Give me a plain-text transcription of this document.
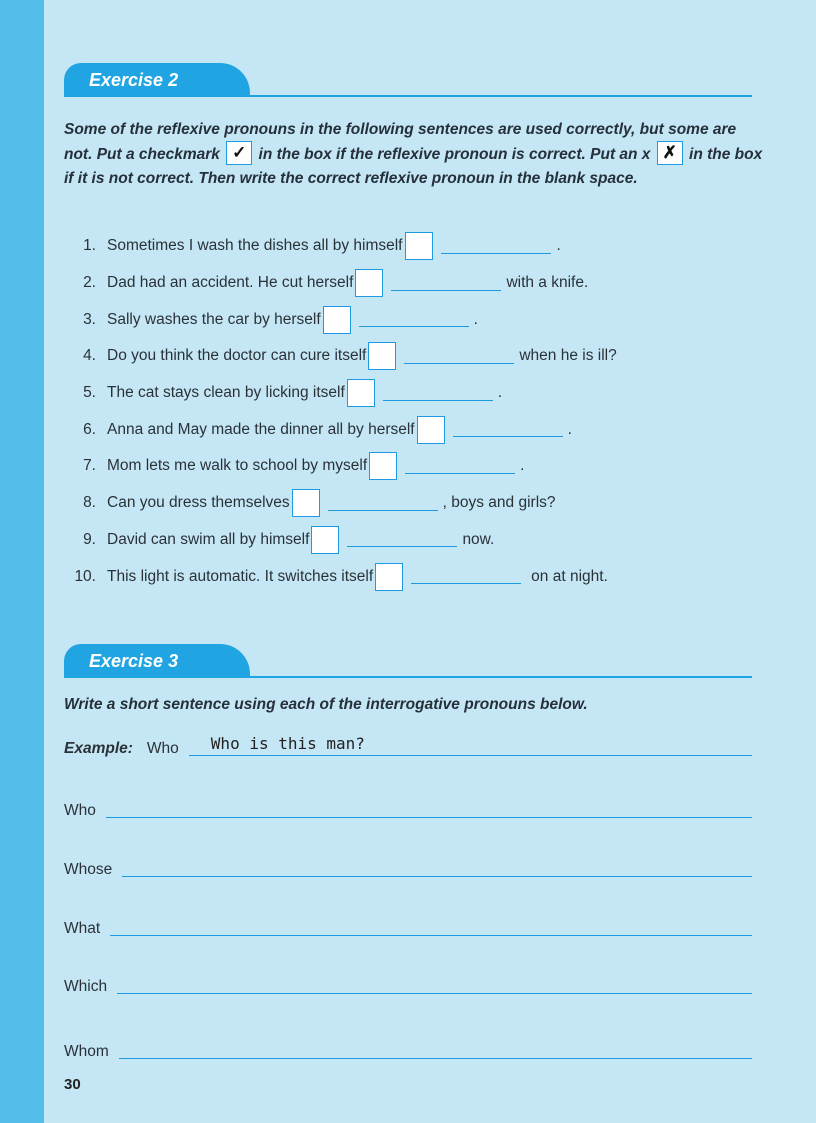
Exercise 2

Some of the reflexive pronouns in the following sentences are used correctly, but some are not. Put a checkmark ✓ in the box if the reflexive pronoun is correct. Put an x ✗ in the box if it is not correct. Then write the correct reflexive pronoun in the blank space.

1. Sometimes I wash the dishes all by himself	.
2. Dad had an accident. He cut herself	with a knife.
3. Sally washes the car by herself	.
4. Do you think the doctor can cure itself	when he is ill?
5. The cat stays clean by licking itself	.
6. Anna and May made the dinner all by herself	.
7. Mom lets me walk to school by myself	.
8. Can you dress themselves	, boys and girls?
9. David can swim all by himself	now.
10. This light is automatic. It switches itself	on at night.
Exercise 3

Write a short sentence using each of the interrogative pronouns below.

Example: Who Who is this man?
Who
Whose
What
Which
Whom
30
